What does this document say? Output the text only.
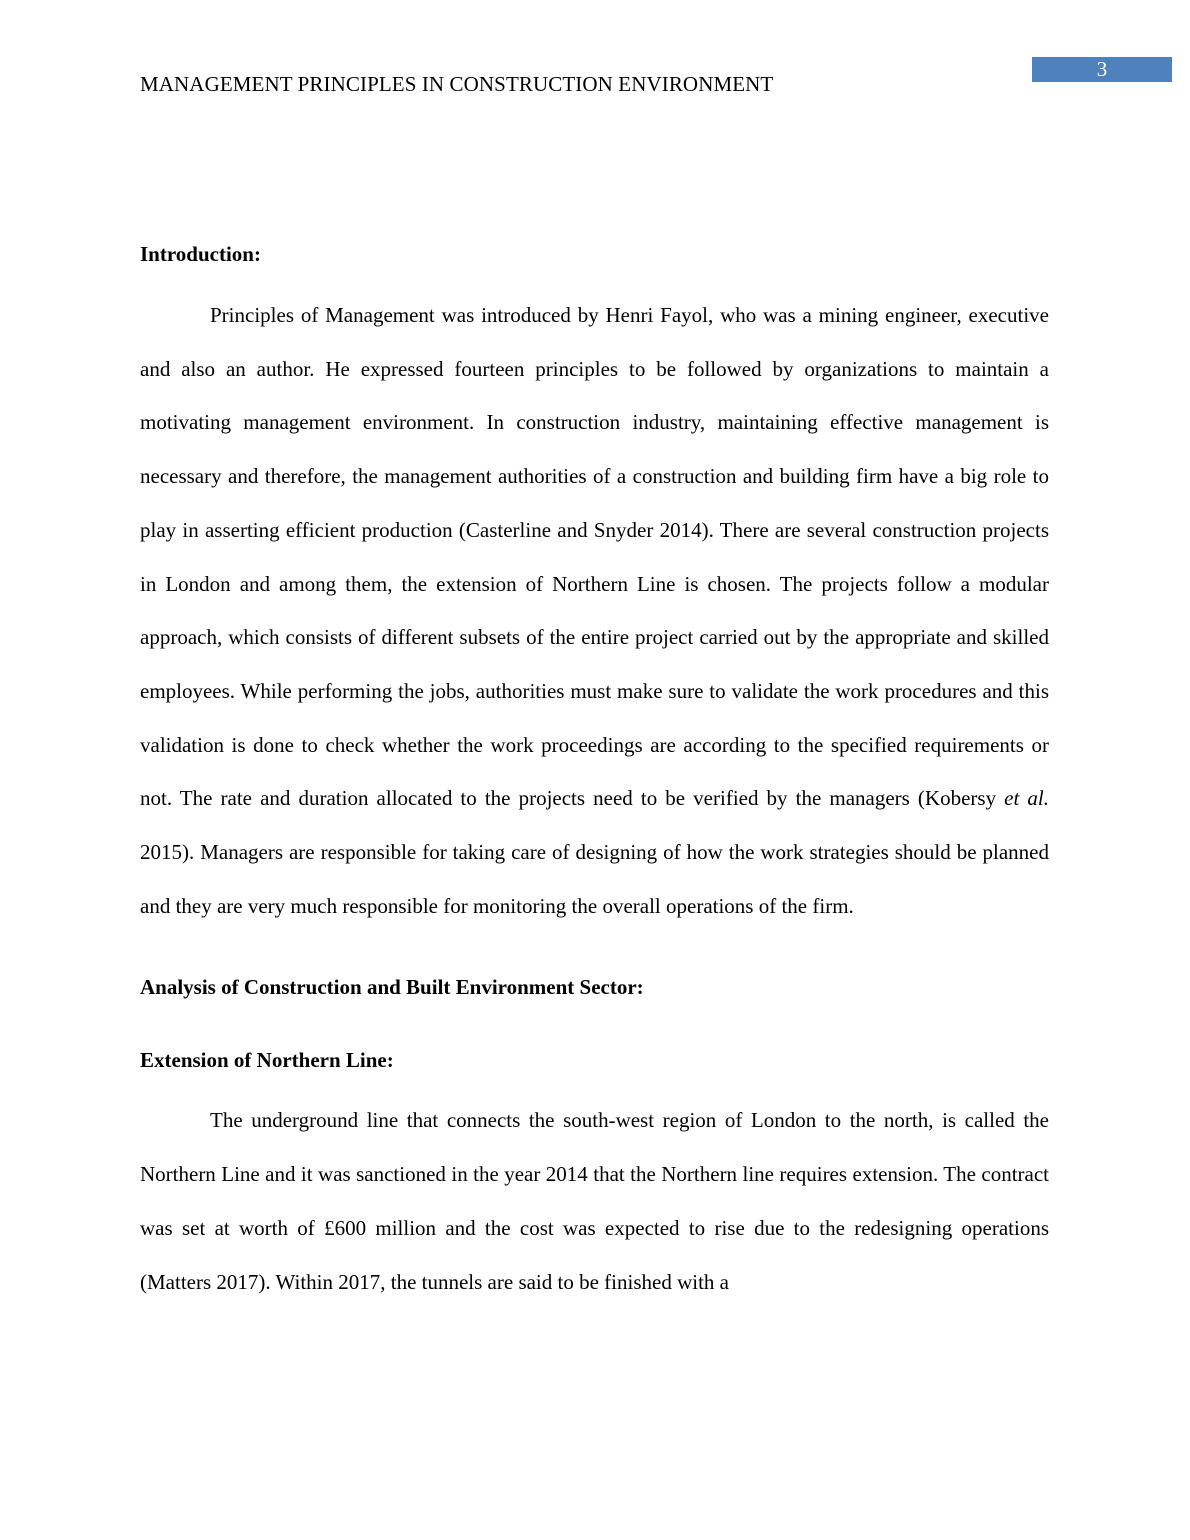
3
MANAGEMENT PRINCIPLES IN CONSTRUCTION ENVIRONMENT
Introduction:

Principles of Management was introduced by Henri Fayol, who was a mining engineer, executive and also an author. He expressed fourteen principles to be followed by organizations to maintain a motivating management environment. In construction industry, maintaining effective management is necessary and therefore, the management authorities of a construction and building firm have a big role to play in asserting efficient production (Casterline and Snyder 2014). There are several construction projects in London and among them, the extension of Northern Line is chosen. The projects follow a modular approach, which consists of different subsets of the entire project carried out by the appropriate and skilled employees. While performing the jobs, authorities must make sure to validate the work procedures and this validation is done to check whether the work proceedings are according to the specified requirements or not. The rate and duration allocated to the projects need to be verified by the managers (Kobersy et al. 2015). Managers are responsible for taking care of designing of how the work strategies should be planned and they are very much responsible for monitoring the overall operations of the firm.

Analysis of Construction and Built Environment Sector:
Extension of Northern Line:

The underground line that connects the south-west region of London to the north, is called the Northern Line and it was sanctioned in the year 2014 that the Northern line requires extension. The contract was set at worth of £600 million and the cost was expected to rise due to the redesigning operations (Matters 2017). Within 2017, the tunnels are said to be finished with a
